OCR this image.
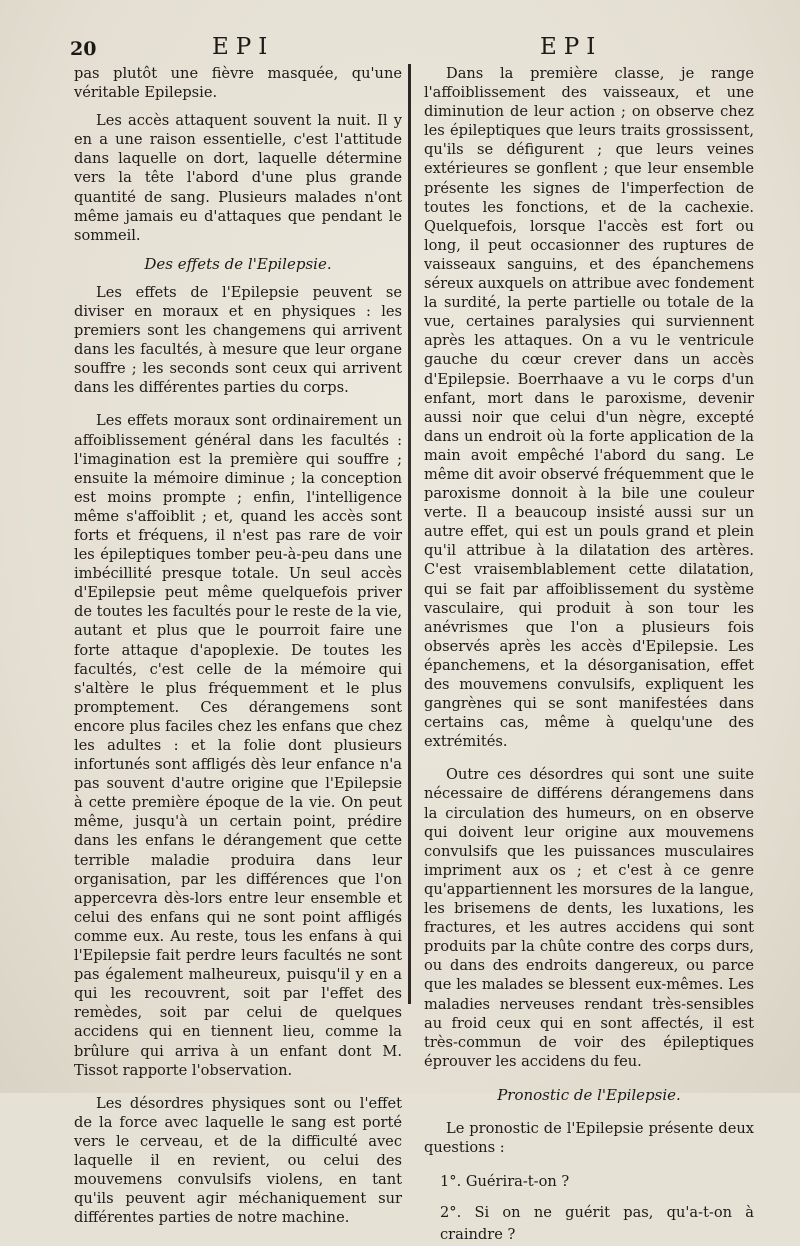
20	EPI	EPI

pas plutôt une fièvre masquée, qu'une véritable Epilepsie.

Les accès attaquent souvent la nuit. Il y en a une raison essentielle, c'est l'attitude dans laquelle on dort, laquelle détermine vers la tête l'abord d'une plus grande quantité de sang. Plusieurs malades n'ont même jamais eu d'attaques que pendant le sommeil.

Des effets de l'Epilepsie.

Les effets de l'Epilepsie peuvent se diviser en moraux et en physiques : les premiers sont les changemens qui arrivent dans les facultés, à mesure que leur organe souffre ; les seconds sont ceux qui arrivent dans les différentes parties du corps.

Les effets moraux sont ordinairement un affoiblissement général dans les facultés : l'imagination est la première qui souffre ; ensuite la mémoire diminue ; la conception est moins prompte ; enfin, l'intelligence même s'affoiblit ; et, quand les accès sont forts et fréquens, il n'est pas rare de voir les épileptiques tomber peu-à-peu dans une imbécillité presque totale. Un seul accès d'Epilepsie peut même quelquefois priver de toutes les facultés pour le reste de la vie, autant et plus que le pourroit faire une forte attaque d'apoplexie. De toutes les facultés, c'est celle de la mémoire qui s'altère le plus fréquemment et le plus promptement. Ces dérangemens sont encore plus faciles chez les enfans que chez les adultes : et la folie dont plusieurs infortunés sont affligés dès leur enfance n'a pas souvent d'autre origine que l'Epilepsie à cette première époque de la vie. On peut même, jusqu'à un certain point, prédire dans les enfans le dérangement que cette terrible maladie produira dans leur organisation, par les différences que l'on appercevra dès-lors entre leur ensemble et celui des enfans qui ne sont point affligés comme eux. Au reste, tous les enfans à qui l'Epilepsie fait perdre leurs facultés ne sont pas également malheureux, puisqu'il y en a qui les recouvrent, soit par l'effet des remèdes, soit par celui de quelques accidens qui en tiennent lieu, comme la brûlure qui arriva à un enfant dont M. Tissot rapporte l'observation.

Les désordres physiques sont ou l'effet de la force avec laquelle le sang est porté vers le cerveau, et de la difficulté avec laquelle il en revient, ou celui des mouvemens convulsifs violens, en tant qu'ils peuvent agir méchaniquement sur différentes parties de notre machine.

Dans la première classe, je range l'affoiblissement des vaisseaux, et une diminution de leur action ; on observe chez les épileptiques que leurs traits grossissent, qu'ils se défigurent ; que leurs veines extérieures se gonflent ; que leur ensemble présente les signes de l'imperfection de toutes les fonctions, et de la cachexie. Quelquefois, lorsque l'accès est fort ou long, il peut occasionner des ruptures de vaisseaux sanguins, et des épanchemens séreux auxquels on attribue avec fondement la surdité, la perte partielle ou totale de la vue, certaines paralysies qui surviennent après les attaques. On a vu le ventricule gauche du cœur crever dans un accès d'Epilepsie. Boerrhaave a vu le corps d'un enfant, mort dans le paroxisme, devenir aussi noir que celui d'un nègre, excepté dans un endroit où la forte application de la main avoit empêché l'abord du sang. Le même dit avoir observé fréquemment que le paroxisme donnoit à la bile une couleur verte. Il a beaucoup insisté aussi sur un autre effet, qui est un pouls grand et plein qu'il attribue à la dilatation des artères. C'est vraisemblablement cette dilatation, qui se fait par affoiblissement du système vasculaire, qui produit à son tour les anévrismes que l'on a plusieurs fois observés après les accès d'Epilepsie. Les épanchemens, et la désorganisation, effet des mouvemens convulsifs, expliquent les gangrènes qui se sont manifestées dans certains cas, même à quelqu'une des extrémités.

Outre ces désordres qui sont une suite nécessaire de différens dérangemens dans la circulation des humeurs, on en observe qui doivent leur origine aux mouvemens convulsifs que les puissances musculaires impriment aux os ; et c'est à ce genre qu'appartiennent les morsures de la langue, les brisemens de dents, les luxations, les fractures, et les autres accidens qui sont produits par la chûte contre des corps durs, ou dans des endroits dangereux, ou parce que les malades se blessent eux-mêmes. Les maladies nerveuses rendant très-sensibles au froid ceux qui en sont affectés, il est très-commun de voir des épileptiques éprouver les accidens du feu.

Pronostic de l'Epilepsie.

Le pronostic de l'Epilepsie présente deux questions :

1°. Guérira-t-on ?

2°. Si on ne guérit pas, qu'a-t-on à craindre ?
